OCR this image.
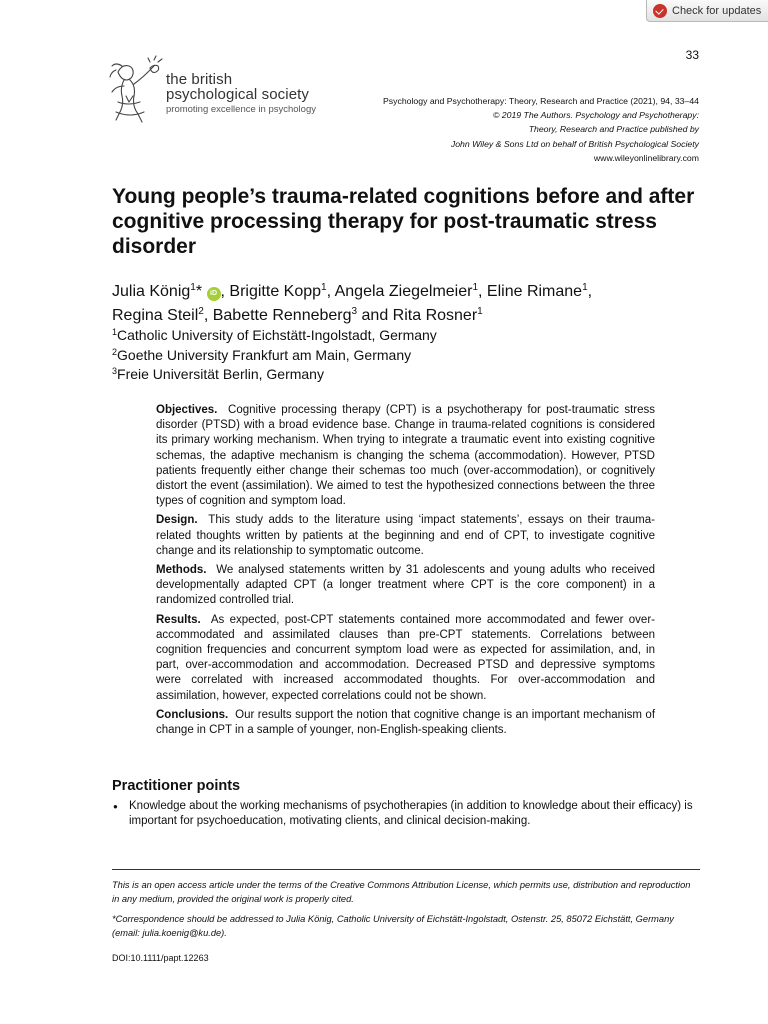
Check for updates
33
the british
psychological society
promoting excellence in psychology
Psychology and Psychotherapy: Theory, Research and Practice (2021), 94, 33–44
© 2019 The Authors. Psychology and Psychotherapy:
Theory, Research and Practice published by
John Wiley & Sons Ltd on behalf of British Psychological Society
www.wileyonlinelibrary.com
Young people’s trauma-related cognitions before and after cognitive processing therapy for post-traumatic stress disorder
Julia König$^1$* iD , Brigitte Kopp$^1$, Angela Ziegelmeier$^1$, Eline Rimane$^1$,
Regina Steil$^2$, Babette Renneberg$^3$ and Rita Rosner$^1$
$^1$Catholic University of Eichstätt-Ingolstadt, Germany
$^2$Goethe University Frankfurt am Main, Germany
$^3$Freie Universität Berlin, Germany

Objectives. Cognitive processing therapy (CPT) is a psychotherapy for post-traumatic stress disorder (PTSD) with a broad evidence base. Change in trauma-related cognitions is considered its primary working mechanism. When trying to integrate a traumatic event into existing cognitive schemas, the adaptive mechanism is changing the schema (accommodation). However, PTSD patients frequently either change their schemas too much (over-accommodation), or cognitively distort the event (assimilation). We aimed to test the hypothesized connections between the three types of cognition and symptom load.

Design. This study adds to the literature using ‘impact statements’, essays on their trauma-related thoughts written by patients at the beginning and end of CPT, to investigate cognitive change and its relationship to symptomatic outcome.

Methods. We analysed statements written by 31 adolescents and young adults who received developmentally adapted CPT (a longer treatment where CPT is the core component) in a randomized controlled trial.

Results. As expected, post-CPT statements contained more accommodated and fewer over-accommodated and assimilated clauses than pre-CPT statements. Correlations between cognition frequencies and concurrent symptom load were as expected for assimilation, and, in part, over-accommodation and accommodation. Decreased PTSD and depressive symptoms were correlated with increased accommodated thoughts. For over-accommodation and assimilation, however, expected correlations could not be shown.

Conclusions. Our results support the notion that cognitive change is an important mechanism of change in CPT in a sample of younger, non-English-speaking clients.

Practitioner points
● Knowledge about the working mechanisms of psychotherapies (in addition to knowledge about their efficacy) is important for psychoeducation, motivating clients, and clinical decision-making.
This is an open access article under the terms of the Creative Commons Attribution License, which permits use, distribution and reproduction in any medium, provided the original work is properly cited.
*Correspondence should be addressed to Julia König, Catholic University of Eichstätt-Ingolstadt, Ostenstr. 25, 85072 Eichstätt, Germany (email: julia.koenig@ku.de).
DOI:10.1111/papt.12263
